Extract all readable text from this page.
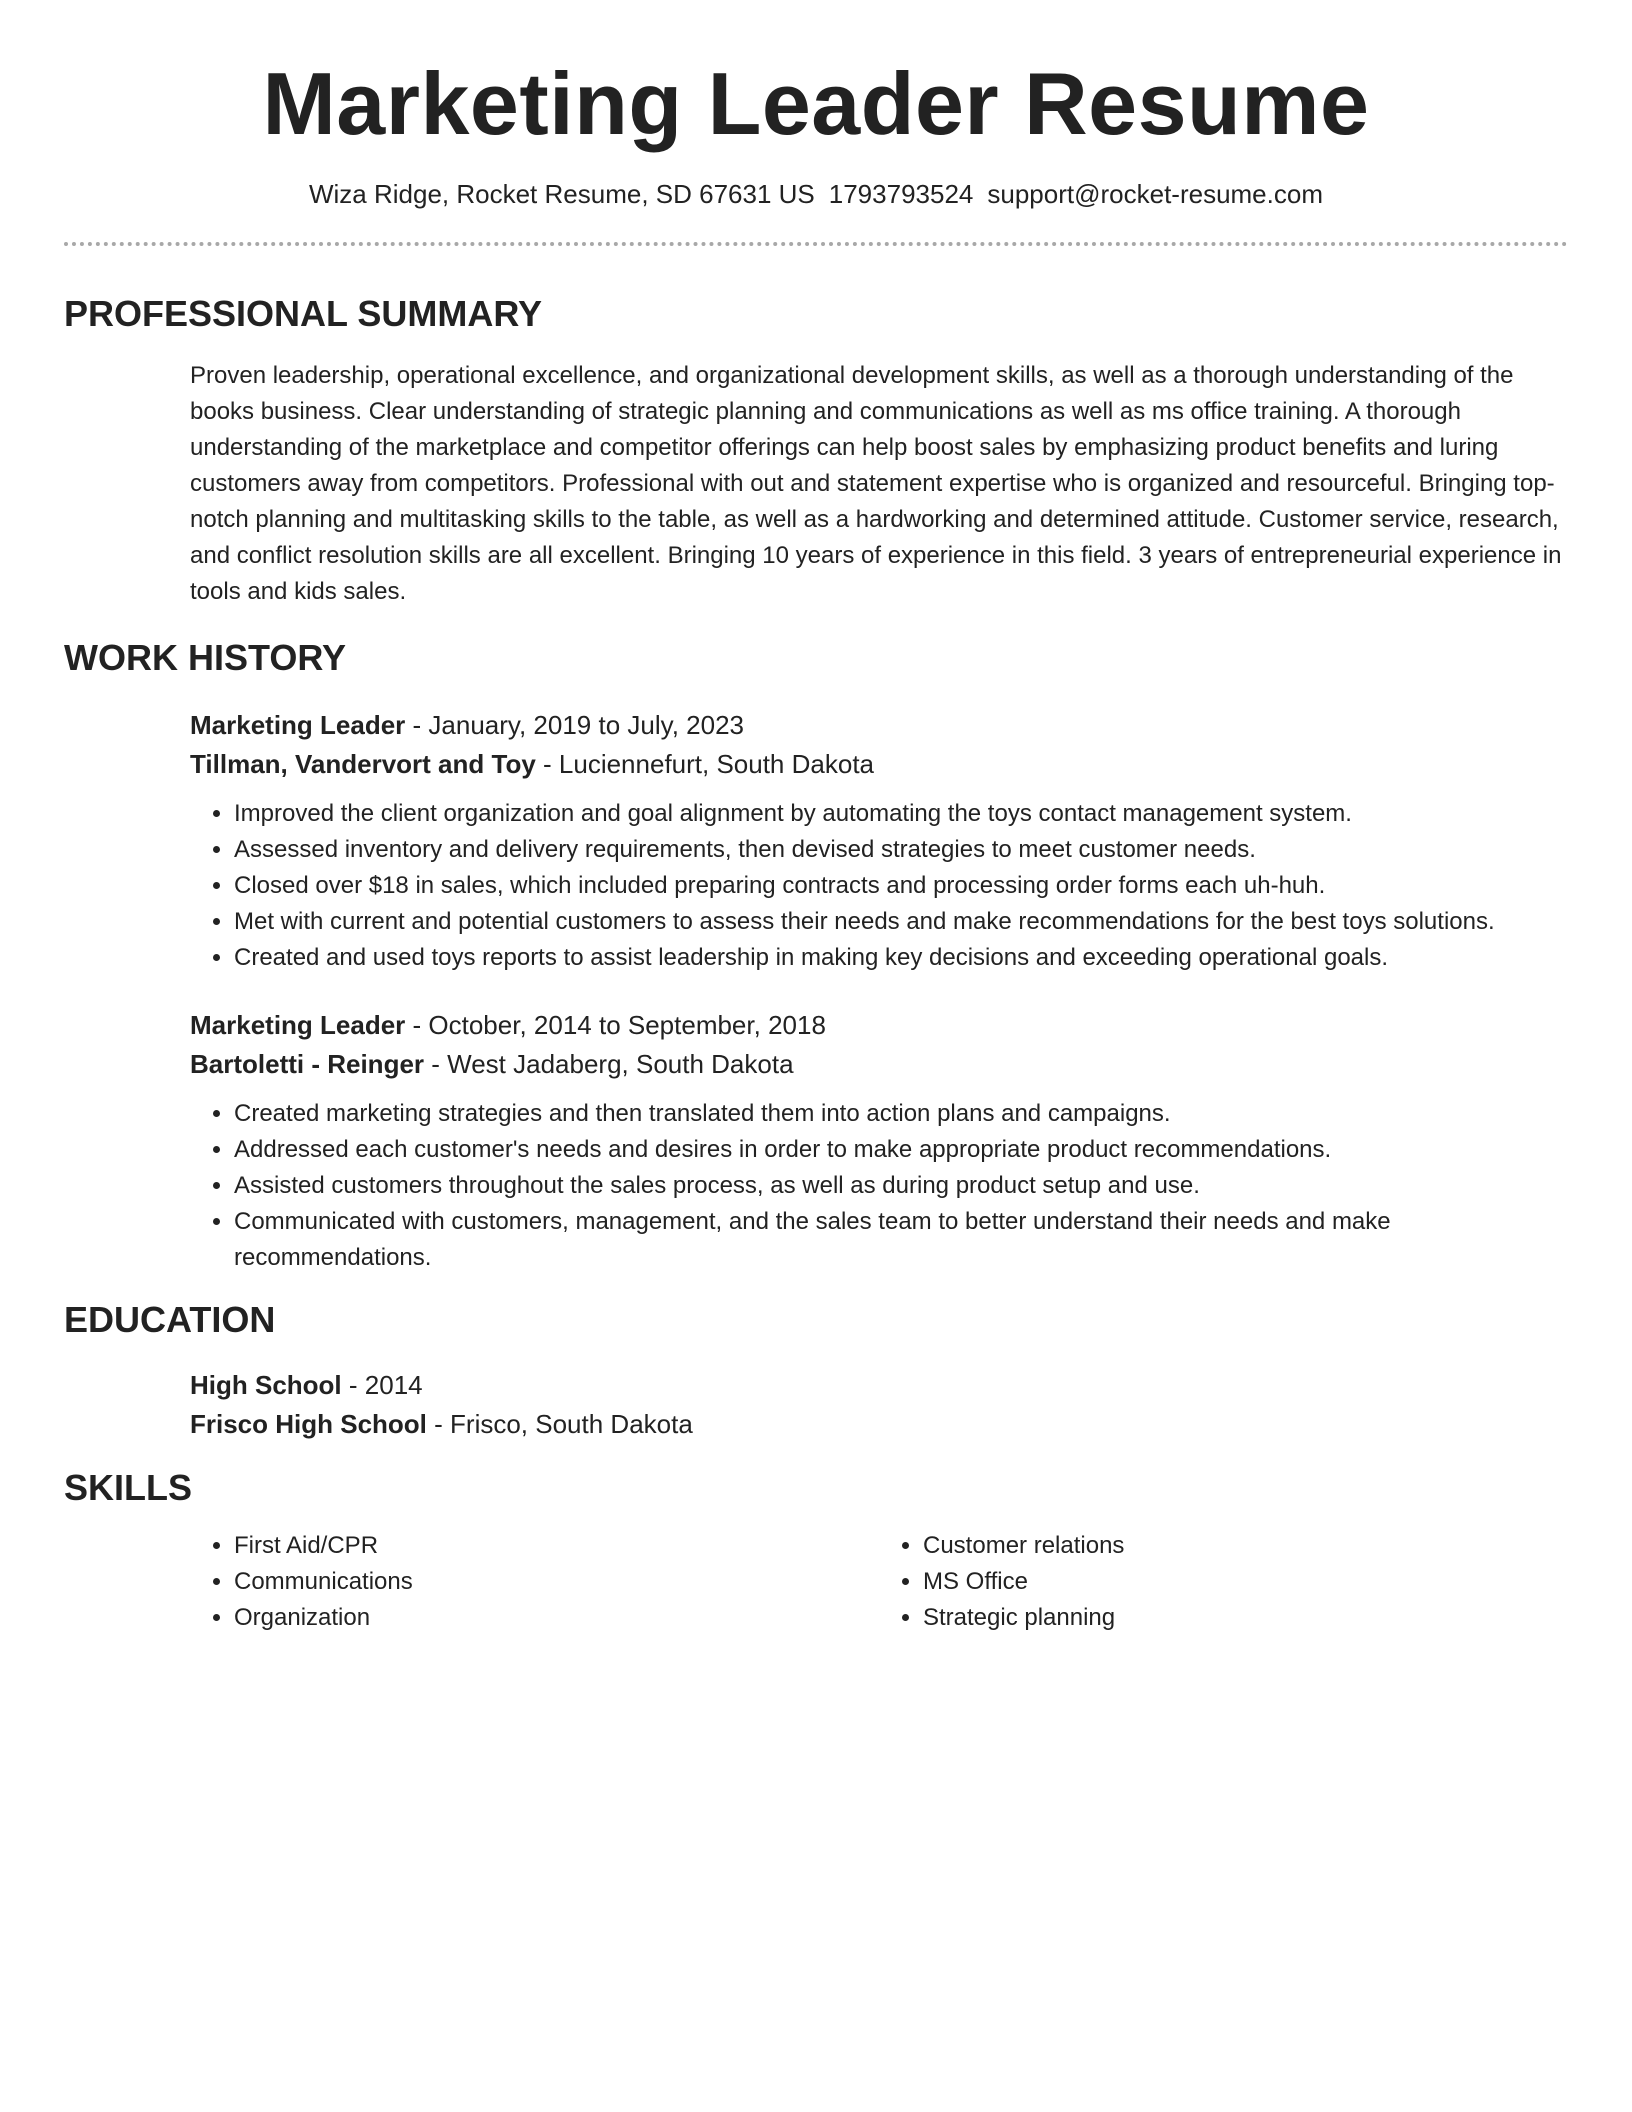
Marketing Leader Resume
Wiza Ridge, Rocket Resume, SD 67631 US 1793793524 support@rocket-resume.com
PROFESSIONAL SUMMARY
Proven leadership, operational excellence, and organizational development skills, as well as a thorough understanding of the books business. Clear understanding of strategic planning and communications as well as ms office training. A thorough understanding of the marketplace and competitor offerings can help boost sales by emphasizing product benefits and luring customers away from competitors. Professional with out and statement expertise who is organized and resourceful. Bringing top-notch planning and multitasking skills to the table, as well as a hardworking and determined attitude. Customer service, research, and conflict resolution skills are all excellent. Bringing 10 years of experience in this field. 3 years of entrepreneurial experience in tools and kids sales.
WORK HISTORY
Marketing Leader - January, 2019 to July, 2023
Tillman, Vandervort and Toy - Luciennefurt, South Dakota
• Improved the client organization and goal alignment by automating the toys contact management system.
• Assessed inventory and delivery requirements, then devised strategies to meet customer needs.
• Closed over $18 in sales, which included preparing contracts and processing order forms each uh-huh.
• Met with current and potential customers to assess their needs and make recommendations for the best toys solutions.
• Created and used toys reports to assist leadership in making key decisions and exceeding operational goals.
Marketing Leader - October, 2014 to September, 2018
Bartoletti - Reinger - West Jadaberg, South Dakota
• Created marketing strategies and then translated them into action plans and campaigns.
• Addressed each customer's needs and desires in order to make appropriate product recommendations.
• Assisted customers throughout the sales process, as well as during product setup and use.
• Communicated with customers, management, and the sales team to better understand their needs and make recommendations.
EDUCATION
High School - 2014
Frisco High School - Frisco, South Dakota
SKILLS
• First Aid/CPR
• Communications
• Organization
• Customer relations
• MS Office
• Strategic planning
